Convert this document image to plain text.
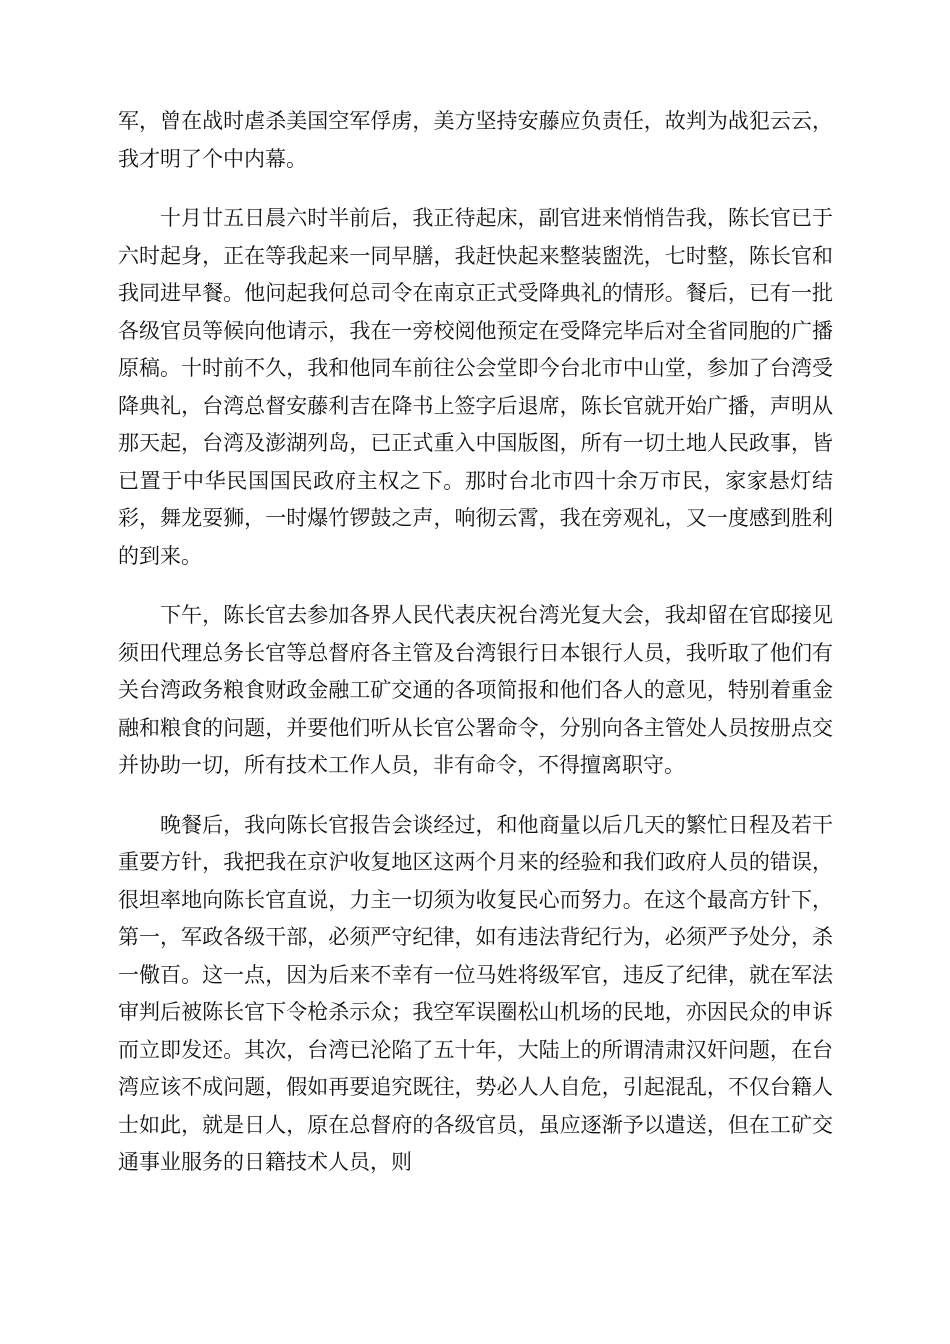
军，曾在战时虐杀美国空军俘虏，美方坚持安藤应负责任，故判为战犯云云，我才明了个中内幕。

十月廿五日晨六时半前后，我正待起床，副官进来悄悄告我，陈长官已于六时起身，正在等我起来一同早膳，我赶快起来整装盥洗，七时整，陈长官和我同进早餐。他问起我何总司令在南京正式受降典礼的情形。餐后，已有一批各级官员等候向他请示，我在一旁校阅他预定在受降完毕后对全省同胞的广播原稿。十时前不久，我和他同车前往公会堂即今台北市中山堂，参加了台湾受降典礼，台湾总督安藤利吉在降书上签字后退席，陈长官就开始广播，声明从那天起，台湾及澎湖列岛，已正式重入中国版图，所有一切土地人民政事，皆已置于中华民国国民政府主权之下。那时台北市四十余万市民，家家悬灯结彩，舞龙耍狮，一时爆竹锣鼓之声，响彻云霄，我在旁观礼，又一度感到胜利的到来。

下午，陈长官去参加各界人民代表庆祝台湾光复大会，我却留在官邸接见须田代理总务长官等总督府各主管及台湾银行日本银行人员，我听取了他们有关台湾政务粮食财政金融工矿交通的各项简报和他们各人的意见，特别着重金融和粮食的问题，并要他们听从长官公署命令，分别向各主管处人员按册点交并协助一切，所有技术工作人员，非有命令，不得擅离职守。

晚餐后，我向陈长官报告会谈经过，和他商量以后几天的繁忙日程及若干重要方针，我把我在京沪收复地区这两个月来的经验和我们政府人员的错误，很坦率地向陈长官直说，力主一切须为收复民心而努力。在这个最高方针下，第一，军政各级干部，必须严守纪律，如有违法背纪行为，必须严予处分，杀一儆百。这一点，因为后来不幸有一位马姓将级军官，违反了纪律，就在军法审判后被陈长官下令枪杀示众；我空军误圈松山机场的民地，亦因民众的申诉而立即发还。其次，台湾已沦陷了五十年，大陆上的所谓清肃汉奸问题，在台湾应该不成问题，假如再要追究既往，势必人人自危，引起混乱，不仅台籍人士如此，就是日人，原在总督府的各级官员，虽应逐渐予以遣送，但在工矿交通事业服务的日籍技术人员，则
